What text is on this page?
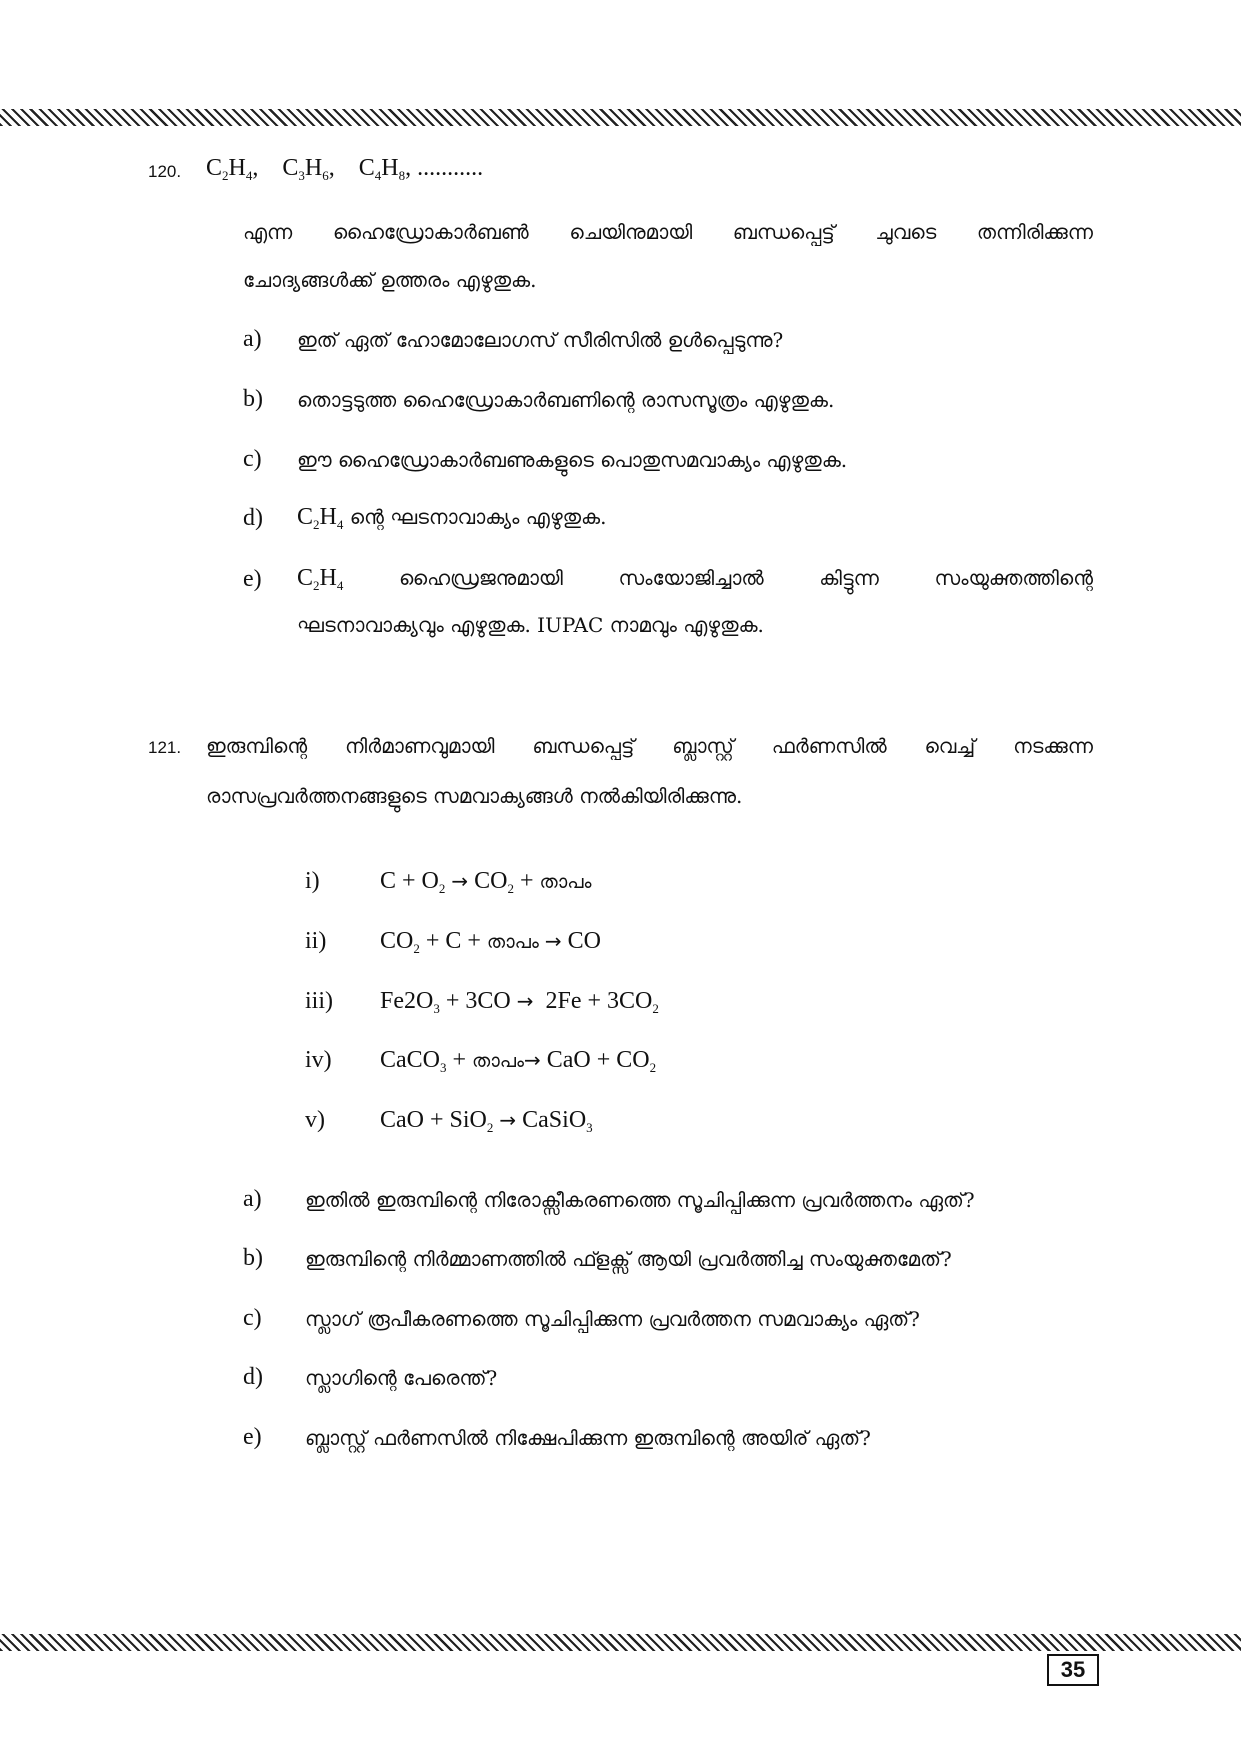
120. $C_2H_4$, $C_3H_6$, $C_4H_8$, ...........
എന്ന ഹൈഡ്രോകാർബൺ ചെയിനുമായി ബന്ധപ്പെട്ട് ചുവടെ തന്നിരിക്കുന്ന
ചോദ്യങ്ങൾക്ക് ഉത്തരം എഴുതുക.
a) ഇത് ഏത് ഹോമോലോഗസ് സീരിസിൽ ഉൾപ്പെടുന്നു?
b) തൊട്ടടുത്ത ഹൈഡ്രോകാർബണിന്റെ രാസസൂത്രം എഴുതുക.
c) ഈ ഹൈഡ്രോകാർബണുകളുടെ പൊതുസമവാക്യം എഴുതുക.
d) $C_2H_4$ ന്റെ ഘടനാവാക്യം എഴുതുക.
e) $C_2H_4$ ഹൈഡ്രജനുമായി സംയോജിച്ചാൽ കിട്ടുന്ന സംയുക്തത്തിന്റെ
ഘടനാവാക്യവും എഴുതുക. IUPAC നാമവും എഴുതുക.
121. ഇരുമ്പിന്റെ നിർമാണവുമായി ബന്ധപ്പെട്ട് ബ്ലാസ്റ്റ് ഫർണസിൽ വെച്ച് നടക്കുന്ന
രാസപ്രവർത്തനങ്ങളുടെ സമവാക്യങ്ങൾ നൽകിയിരിക്കുന്നു.
i)	$C + O_2 \to CO_2$ + താപം
ii) $CO_2 + C$ + താപം → CO
iii) $Fe2O_3 + 3CO \to 2Fe + 3CO_2$
iv) CaCO$_3$ + താപം→ CaO + $CO_2$
v) CaO + SiO$_2$ → CaSiO$_3$
a) ഇതിൽ ഇരുമ്പിന്റെ നിരോക്സീകരണത്തെ സൂചിപ്പിക്കുന്ന പ്രവർത്തനം ഏത്?
b) ഇരുമ്പിന്റെ നിർമ്മാണത്തിൽ ഫ്ളക്സ് ആയി പ്രവർത്തിച്ച സംയുക്തമേത്?
c) സ്ലാഗ് രൂപീകരണത്തെ സൂചിപ്പിക്കുന്ന പ്രവർത്തന സമവാക്യം ഏത്?
d) സ്ലാഗിന്റെ പേരെന്ത്?
e) ബ്ലാസ്റ്റ് ഫർണസിൽ നിക്ഷേപിക്കുന്ന ഇരുമ്പിന്റെ അയിര് ഏത്?
35
